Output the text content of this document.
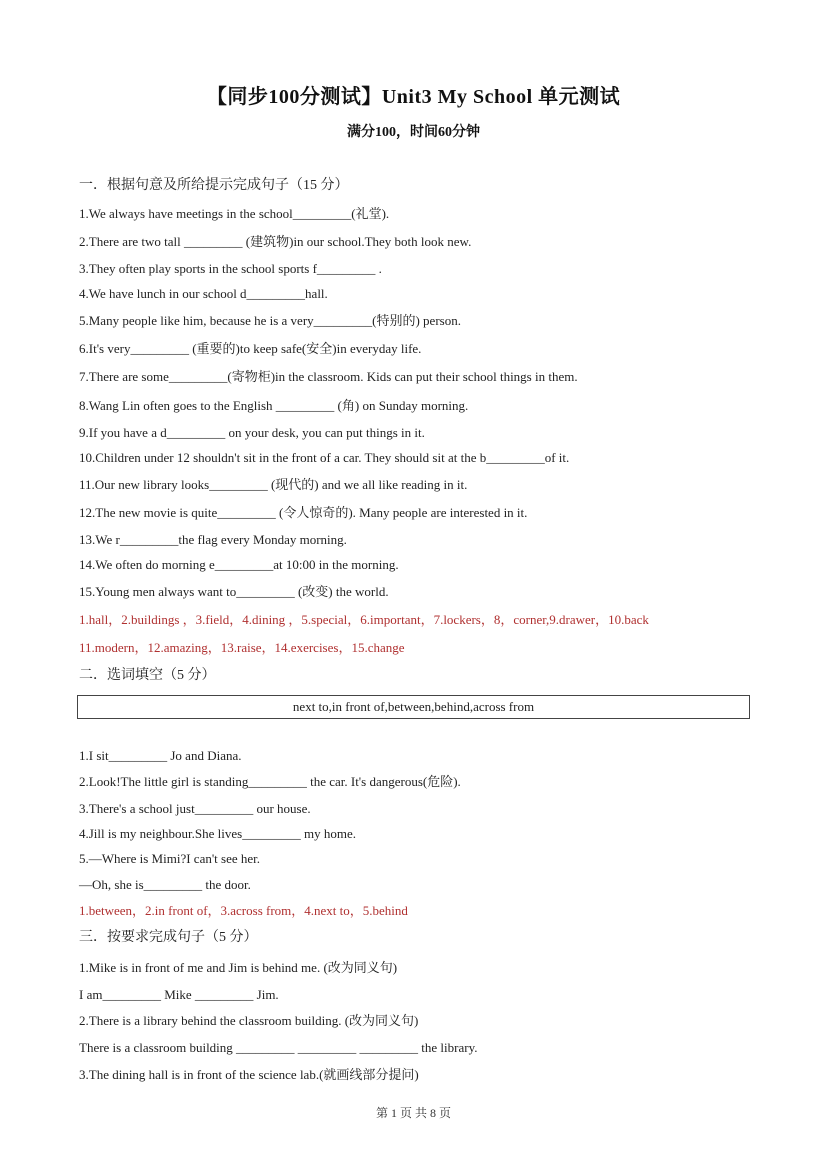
【同步100分测试】Unit3 My School 单元测试
满分100，时间60分钟
一．根据句意及所给提示完成句子（15 分）
1.We always have meetings in the school_________(礼堂).
2.There are two tall _________ (建筑物)in our school.They both look new.
3.They often play sports in the school sports f_________ .
4.We have lunch in our school d_________hall.
5.Many people like him, because he is a very_________(特别的) person.
6.It's very_________ (重要的)to keep safe(安全)in everyday life.
7.There are some_________(寄物柜)in the classroom. Kids can put their school things in them.
8.Wang Lin often goes to the English _________ (角) on Sunday morning.
9.If you have a d_________ on your desk, you can put things in it.
10.Children under 12 shouldn't sit in the front of a car. They should sit at the b_________of it.
11.Our new library looks_________ (现代的) and we all like reading in it.
12.The new movie is quite_________ (令人惊奇的). Many people are interested in it.
13.We r_________the flag every Monday morning.
14.We often do morning e_________at 10:00 in the morning.
15.Young men always want to_________ (改变) the world.
1.hall，2.buildings ，3.field，4.dining ，5.special，6.important，7.lockers，8，corner,9.drawer，10.back
11.modern，12.amazing，13.raise，14.exercises，15.change
二．选词填空（5 分）
next to,in front of,between,behind,across from
1.I sit_________ Jo and Diana.
2.Look!The little girl is standing_________ the car. It's dangerous(危险).
3.There's a school just_________ our house.
4.Jill is my neighbour.She lives_________ my home.
5.—Where is Mimi?I can't see her.
—Oh, she is_________ the door.
1.between，2.in front of，3.across from，4.next to，5.behind
三．按要求完成句子（5 分）
1.Mike is in front of me and Jim is behind me. (改为同义句)
I am_________ Mike _________ Jim.
2.There is a library behind the classroom building. (改为同义句)
There is a classroom building _________ _________ _________ the library.
3.The dining hall is in front of the science lab.(就画线部分提问)
第 1 页 共 8 页
